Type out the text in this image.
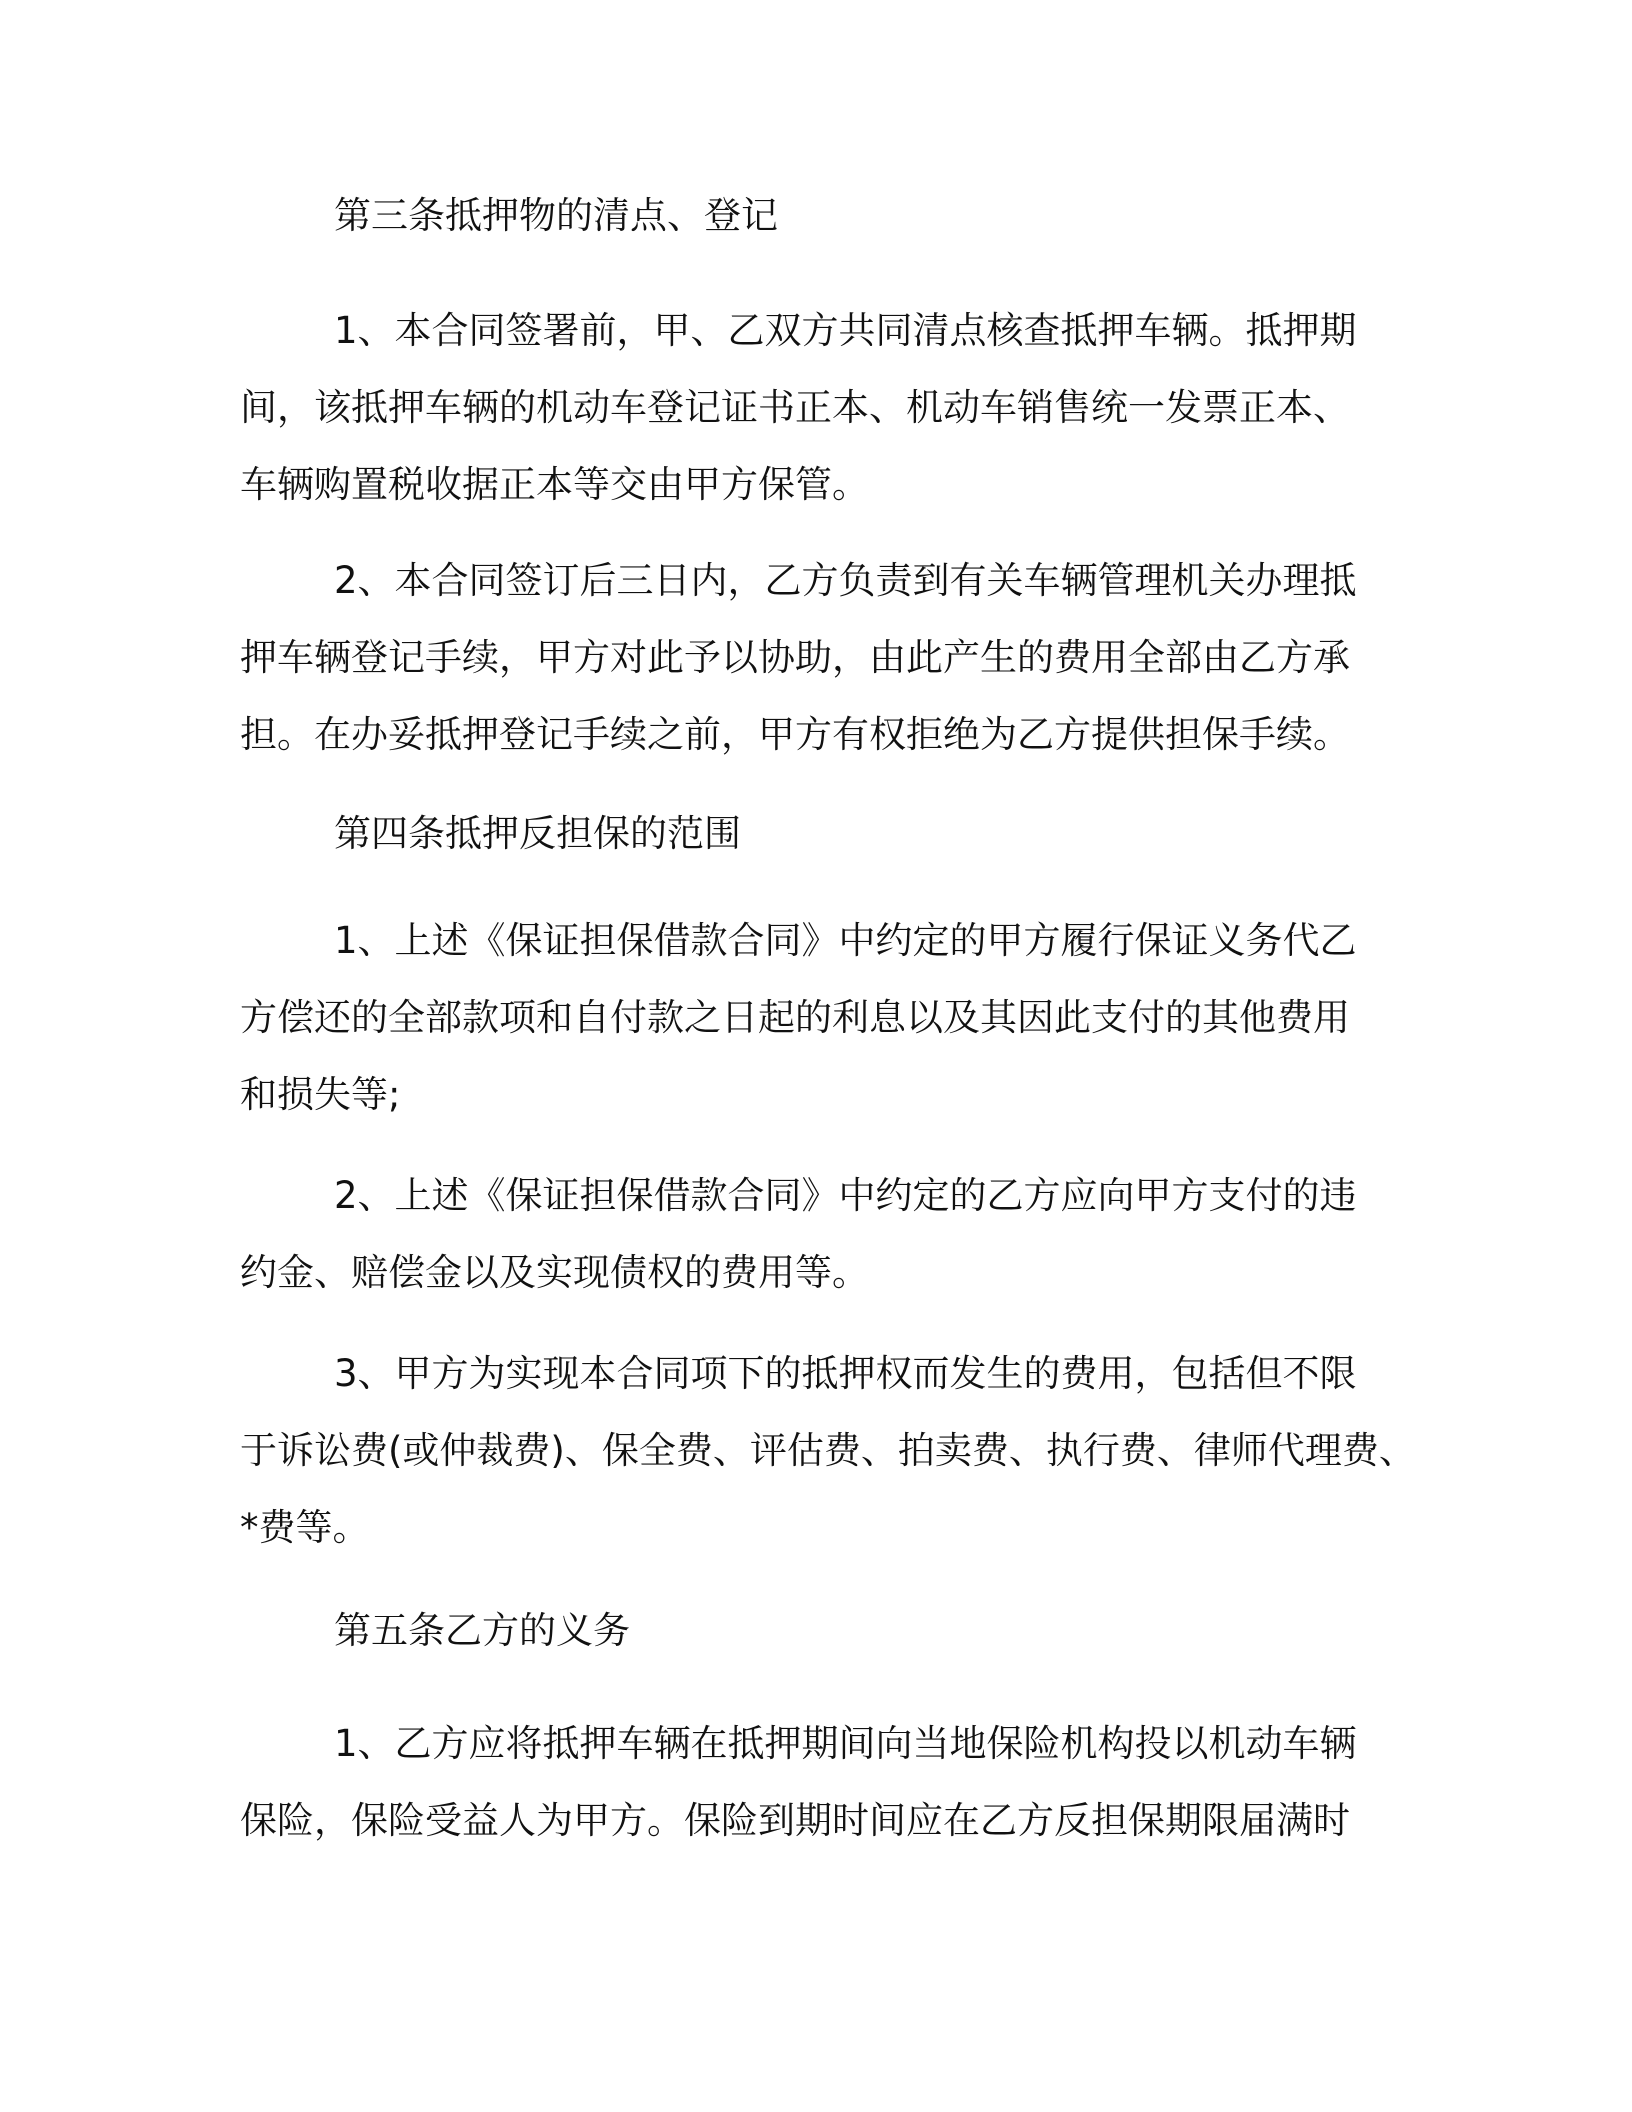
第三条抵押物的清点、登记
1、本合同签署前，甲、乙双方共同清点核查抵押车辆。抵押期
间，该抵押车辆的机动车登记证书正本、机动车销售统一发票正本、
车辆购置税收据正本等交由甲方保管。
2、本合同签订后三日内，乙方负责到有关车辆管理机关办理抵
押车辆登记手续，甲方对此予以协助，由此产生的费用全部由乙方承
担。在办妥抵押登记手续之前，甲方有权拒绝为乙方提供担保手续。
第四条抵押反担保的范围
1、上述《保证担保借款合同》中约定的甲方履行保证义务代乙
方偿还的全部款项和自付款之日起的利息以及其因此支付的其他费用
和损失等;
2、上述《保证担保借款合同》中约定的乙方应向甲方支付的违
约金、赔偿金以及实现债权的费用等。
3、甲方为实现本合同项下的抵押权而发生的费用，包括但不限
于诉讼费(或仲裁费)、保全费、评估费、拍卖费、执行费、律师代理费、
*费等。
第五条乙方的义务
1、乙方应将抵押车辆在抵押期间向当地保险机构投以机动车辆
保险，保险受益人为甲方。保险到期时间应在乙方反担保期限届满时
